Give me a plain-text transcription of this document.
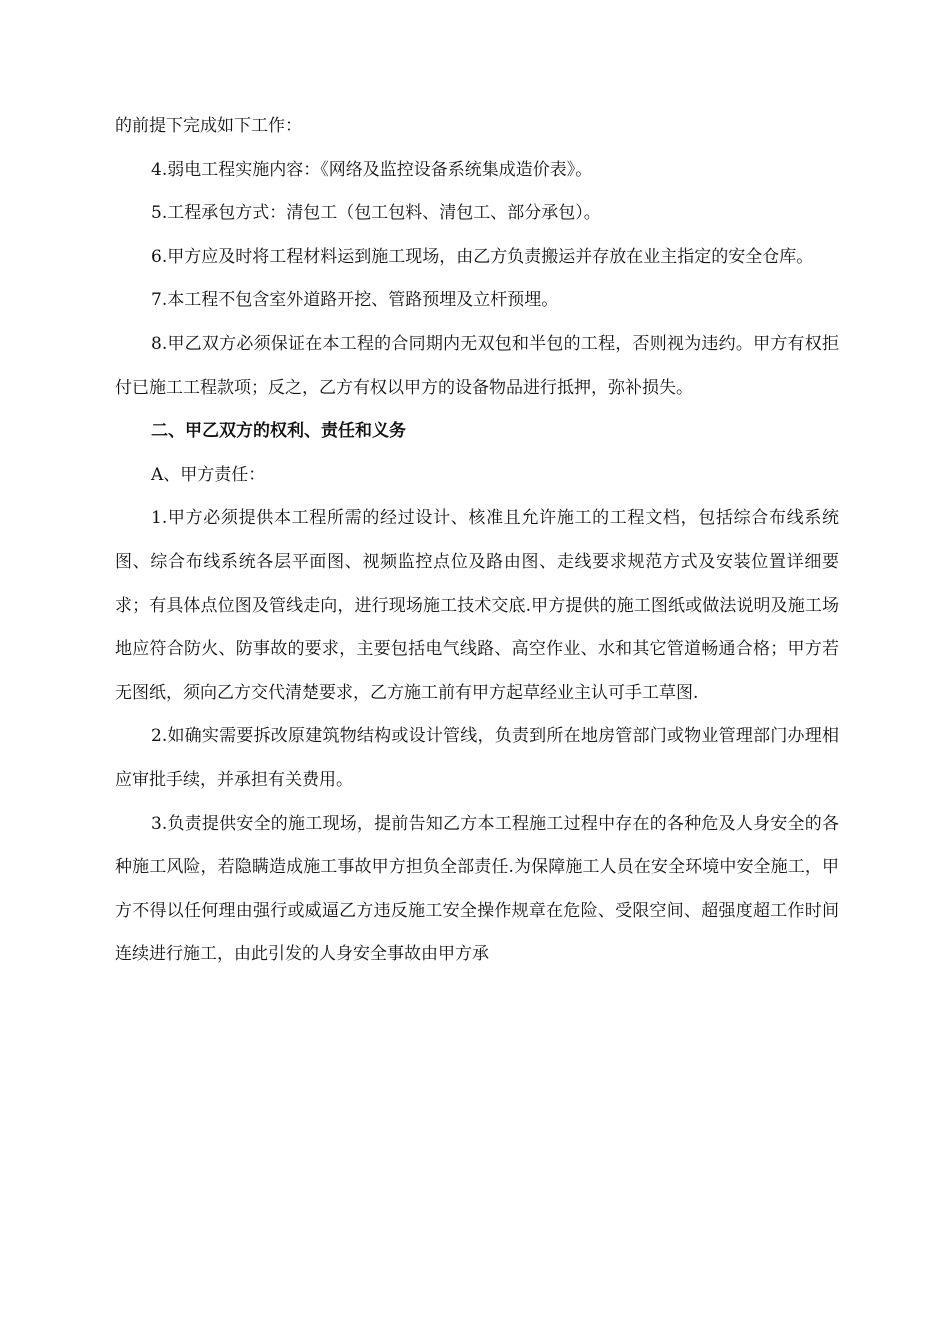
的前提下完成如下工作：

4.弱电工程实施内容：《网络及监控设备系统集成造价表》。

5.工程承包方式：清包工（包工包料、清包工、部分承包）。

6.甲方应及时将工程材料运到施工现场，由乙方负责搬运并存放在业主指定的安全仓库。

7.本工程不包含室外道路开挖、管路预埋及立杆预埋。

8.甲乙双方必须保证在本工程的合同期内无双包和半包的工程，否则视为违约。甲方有权拒付已施工工程款项；反之，乙方有权以甲方的设备物品进行抵押，弥补损失。

二、甲乙双方的权利、责任和义务

A、甲方责任：

1.甲方必须提供本工程所需的经过设计、核准且允许施工的工程文档，包括综合布线系统图、综合布线系统各层平面图、视频监控点位及路由图、走线要求规范方式及安装位置详细要求；有具体点位图及管线走向，进行现场施工技术交底.甲方提供的施工图纸或做法说明及施工场地应符合防火、防事故的要求，主要包括电气线路、高空作业、水和其它管道畅通合格；甲方若无图纸，须向乙方交代清楚要求，乙方施工前有甲方起草经业主认可手工草图.

2.如确实需要拆改原建筑物结构或设计管线，负责到所在地房管部门或物业管理部门办理相应审批手续，并承担有关费用。

3.负责提供安全的施工现场，提前告知乙方本工程施工过程中存在的各种危及人身安全的各种施工风险，若隐瞒造成施工事故甲方担负全部责任.为保障施工人员在安全环境中安全施工，甲方不得以任何理由强行或威逼乙方违反施工安全操作规章在危险、受限空间、超强度超工作时间连续进行施工，由此引发的人身安全事故由甲方承
